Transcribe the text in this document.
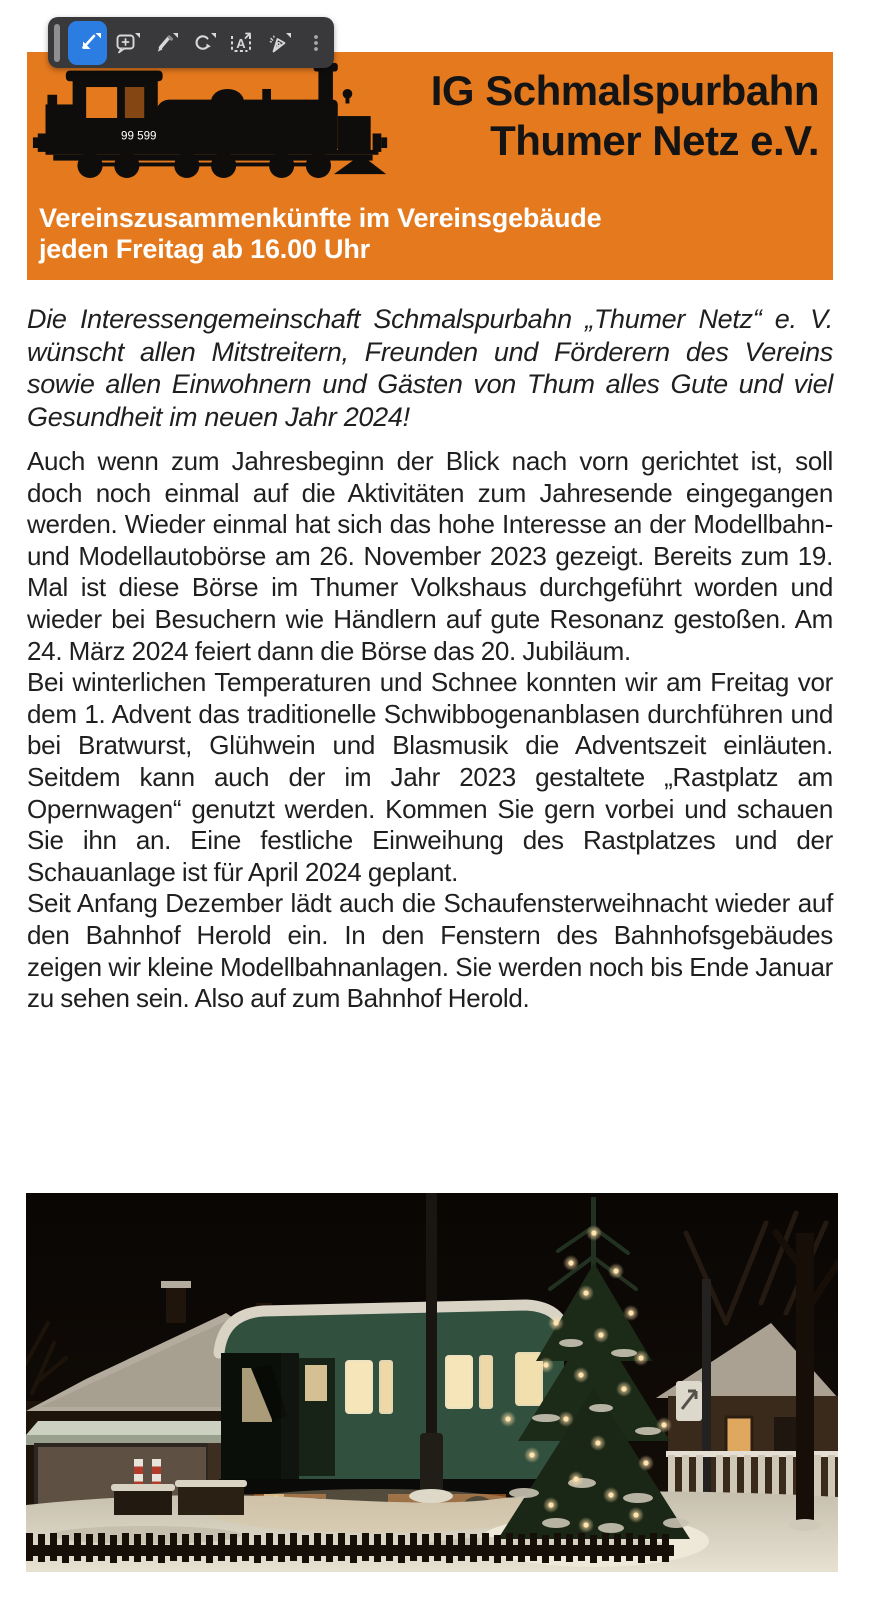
A
99 599
IG Schmalspurbahn
Thumer Netz e.V.
Vereinszusammenkünfte im Vereinsgebäude
jeden Freitag ab 16.00 Uhr

Die Interessengemeinschaft Schmalspurbahn „Thumer Netz“ e. V. wünscht allen Mitstreitern, Freunden und Förderern des Vereins sowie allen Einwohnern und Gästen von Thum alles Gute und viel Gesundheit im neuen Jahr 2024!

Auch wenn zum Jahresbeginn der Blick nach vorn gerichtet ist, soll doch noch einmal auf die Aktivitäten zum Jahresende eingegangen werden. Wieder einmal hat sich das hohe Interesse an der Modellbahn- und Modellautobörse am 26. November 2023 gezeigt. Bereits zum 19. Mal ist diese Börse im Thumer Volkshaus durchgeführt worden und wieder bei Besuchern wie Händlern auf gute Resonanz gestoßen. Am 24. März 2024 feiert dann die Börse das 20. Jubiläum.

Bei winterlichen Temperaturen und Schnee konnten wir am Freitag vor dem 1. Advent das traditionelle Schwibbogenanblasen durchführen und bei Bratwurst, Glühwein und Blasmusik die Adventszeit einläuten. Seitdem kann auch der im Jahr 2023 gestaltete „Rastplatz am Opernwagen“ genutzt werden. Kommen Sie gern vorbei und schauen Sie ihn an. Eine festliche Einweihung des Rastplatzes und der Schauanlage ist für April 2024 geplant.

Seit Anfang Dezember lädt auch die Schaufensterweihnacht wieder auf den Bahnhof Herold ein. In den Fenstern des Bahnhofsgebäudes zeigen wir kleine Modellbahnanlagen. Sie werden noch bis Ende Januar zu sehen sein. Also auf zum Bahnhof Herold.
